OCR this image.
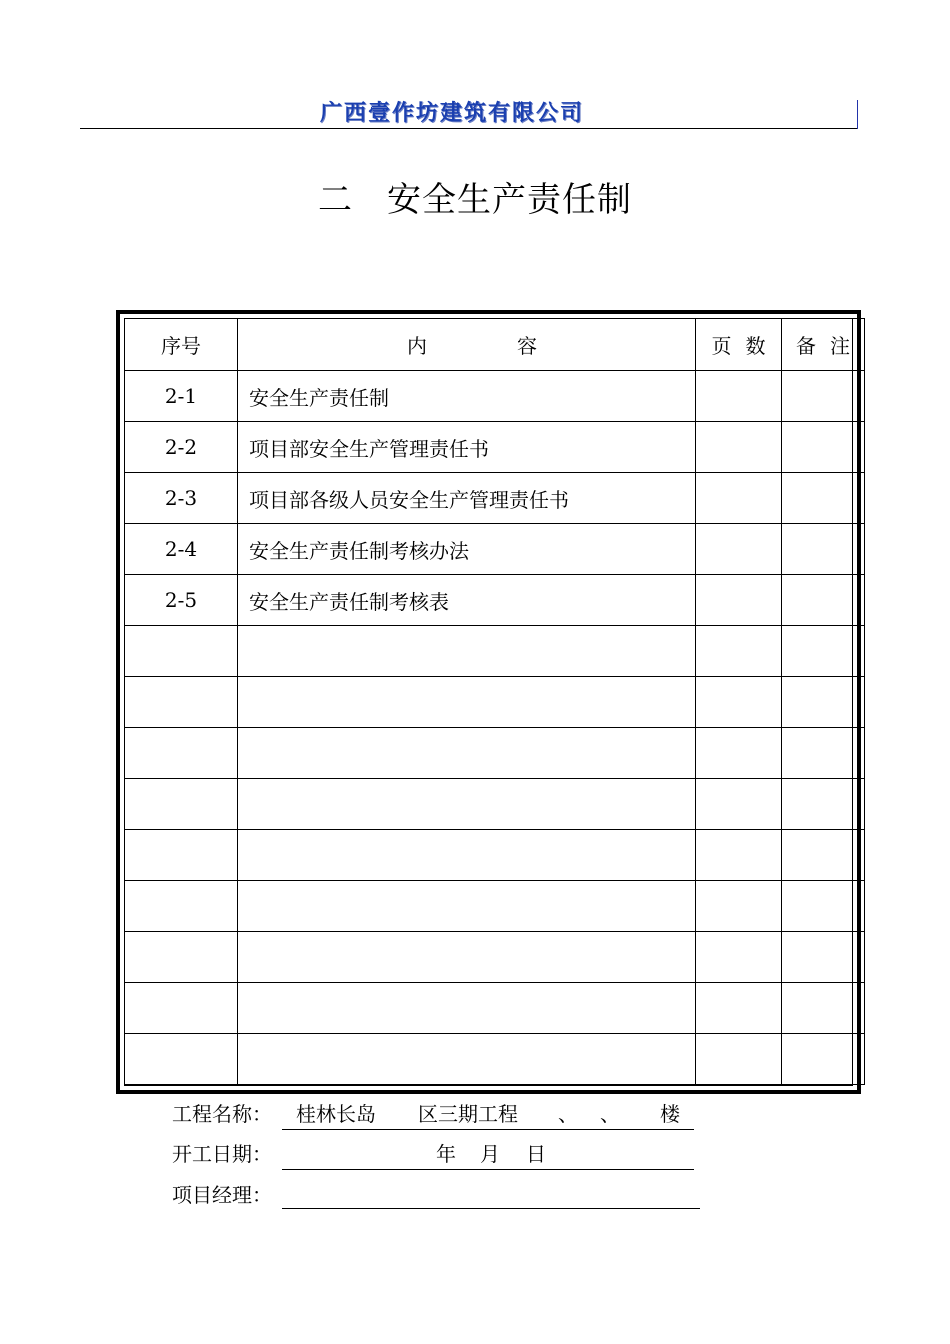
广西壹作坊建筑有限公司
二 安全生产责任制
序号	内 容	页 数	备 注
2-1	安全生产责任制		
2-2	项目部安全生产管理责任书		
2-3	项目部各级人员安全生产管理责任书		
2-4	安全生产责任制考核办法		
2-5	安全生产责任制考核表		

工程名称： 桂林长岛 区三期工程 、 、 楼
开工日期：	年 月 日
项目经理：
